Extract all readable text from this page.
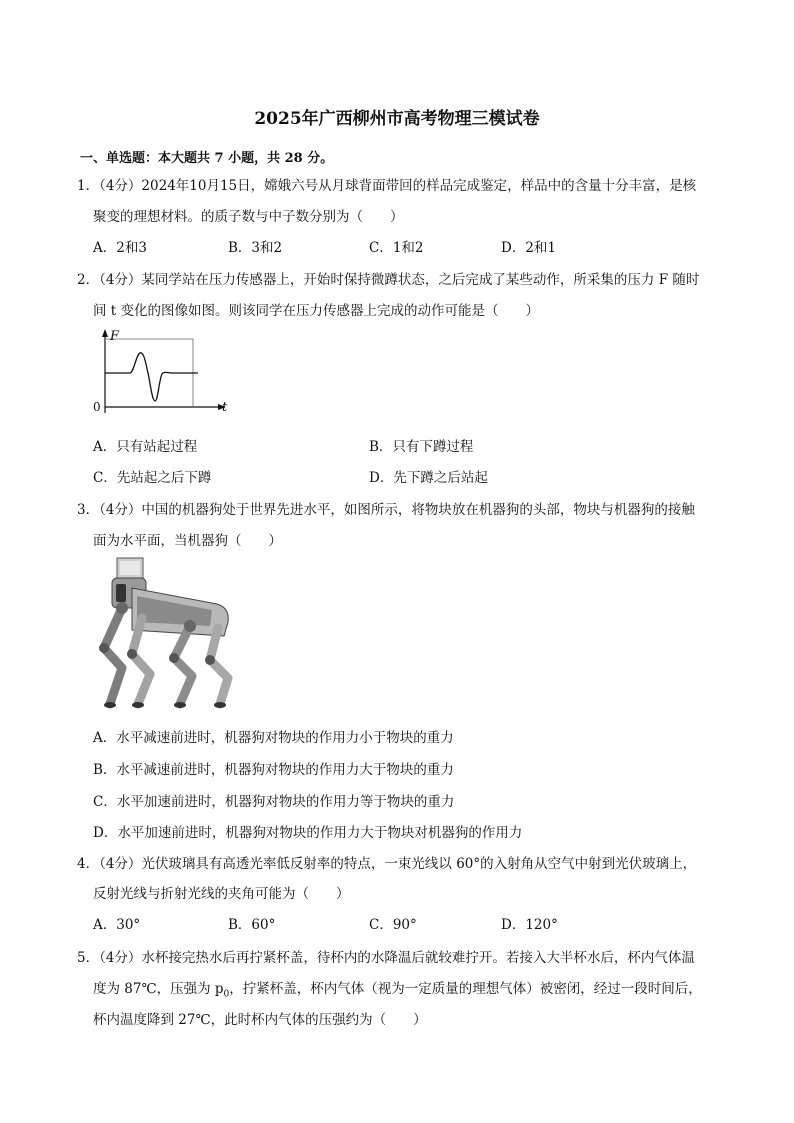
2025年广西柳州市高考物理三模试卷
一、单选题：本大题共 7 小题，共 28 分。
1．（4分）2024年10月15日，嫦娥六号从月球背面带回的样品完成鉴定，样品中的含量十分丰富，是核
聚变的理想材料。的质子数与中子数分别为（　　）
A．2和3	B．3和2	C．1和2	D．2和1
2．（4分）某同学站在压力传感器上，开始时保持微蹲状态，之后完成了某些动作，所采集的压力 F 随时
间 t 变化的图像如图。则该同学在压力传感器上完成的动作可能是（　　）
F
t
0
A．只有站起过程	B．只有下蹲过程
C．先站起之后下蹲	D．先下蹲之后站起
3．（4分）中国的机器狗处于世界先进水平，如图所示，将物块放在机器狗的头部，物块与机器狗的接触
面为水平面，当机器狗（　　）
A．水平减速前进时，机器狗对物块的作用力小于物块的重力
B．水平减速前进时，机器狗对物块的作用力大于物块的重力
C．水平加速前进时，机器狗对物块的作用力等于物块的重力
D．水平加速前进时，机器狗对物块的作用力大于物块对机器狗的作用力
4．（4分）光伏玻璃具有高透光率低反射率的特点，一束光线以 60°的入射角从空气中射到光伏玻璃上，
反射光线与折射光线的夹角可能为（　　）
A．30°	B．60°	C．90°	D．120°
5．（4分）水杯接完热水后再拧紧杯盖，待杯内的水降温后就较难拧开。若接入大半杯水后，杯内气体温
度为 87℃，压强为 $p_0$，拧紧杯盖，杯内气体（视为一定质量的理想气体）被密闭，经过一段时间后，
杯内温度降到 27℃，此时杯内气体的压强约为（　　）
